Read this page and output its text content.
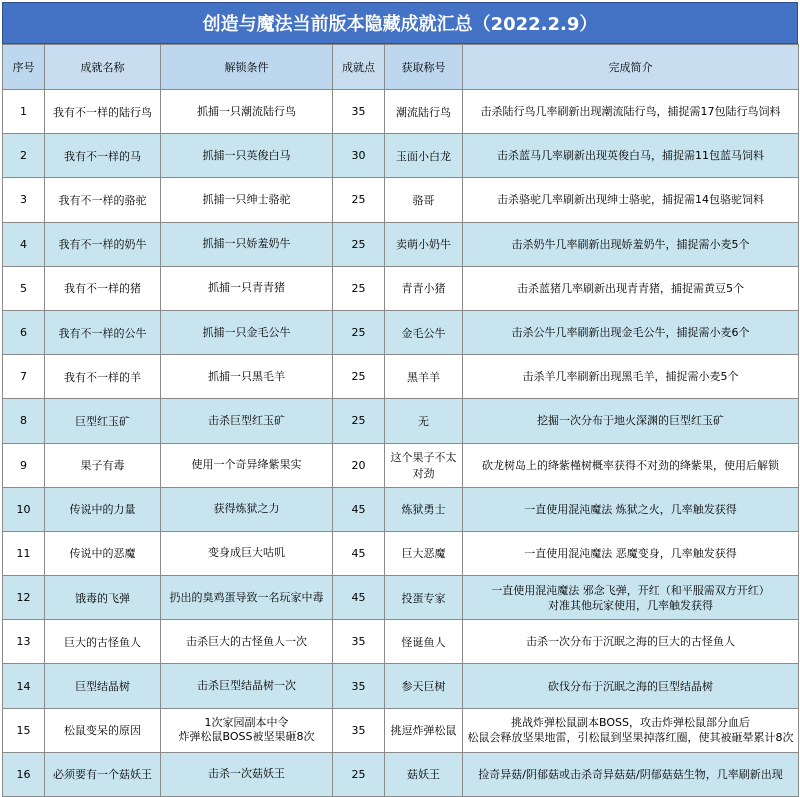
创造与魔法当前版本隐藏成就汇总（2022.2.9）
序号	成就名称	解锁条件	成就点	获取称号	完成简介
1	我有不一样的陆行鸟	抓捕一只潮流陆行鸟	35	潮流陆行鸟	击杀陆行鸟几率刷新出现潮流陆行鸟，捕捉需17包陆行鸟饲料
2	我有不一样的马	抓捕一只英俊白马	30	玉面小白龙	击杀蓝马几率刷新出现英俊白马，捕捉需11包蓝马饲料
3	我有不一样的骆驼	抓捕一只绅士骆驼	25	骆哥	击杀骆驼几率刷新出现绅士骆驼，捕捉需14包骆驼饲料
4	我有不一样的奶牛	抓捕一只娇羞奶牛	25	卖萌小奶牛	击杀奶牛几率刷新出现娇羞奶牛，捕捉需小麦5个
5	我有不一样的猪	抓捕一只青青猪	25	青青小猪	击杀蓝猪几率刷新出现青青猪，捕捉需黄豆5个
6	我有不一样的公牛	抓捕一只金毛公牛	25	金毛公牛	击杀公牛几率刷新出现金毛公牛，捕捉需小麦6个
7	我有不一样的羊	抓捕一只黑毛羊	25	黑羊羊	击杀羊几率刷新出现黑毛羊，捕捉需小麦5个
8	巨型红玉矿	击杀巨型红玉矿	25	无	挖掘一次分布于地火深渊的巨型红玉矿
9	果子有毒	使用一个奇异绛紫果实	20	这个果子不太对劲	砍龙树岛上的绛紫槿树概率获得不对劲的绛紫果，使用后解锁
10	传说中的力量	获得炼狱之力	45	炼狱勇士	一直使用混沌魔法 炼狱之火，几率触发获得
11	传说中的恶魔	变身成巨大咕叽	45	巨大恶魔	一直使用混沌魔法 恶魔变身，几率触发获得
12	饿毒的飞弹	扔出的臭鸡蛋导致一名玩家中毒	45	投蛋专家	一直使用混沌魔法 邪念飞弹，开红（和平服需双方开红）
对准其他玩家使用，几率触发获得
13	巨大的古怪鱼人	击杀巨大的古怪鱼人一次	35	怪诞鱼人	击杀一次分布于沉眠之海的巨大的古怪鱼人
14	巨型结晶树	击杀巨型结晶树一次	35	参天巨树	砍伐分布于沉眠之海的巨型结晶树
15	松鼠变呆的原因	1次家园副本中令
炸弹松鼠BOSS被坚果砸8次	35	挑逗炸弹松鼠	挑战炸弹松鼠副本BOSS，攻击炸弹松鼠部分血后
松鼠会释放坚果地雷，引松鼠到坚果掉落红圈，使其被砸晕累计8次
16	必须要有一个菇妖王	击杀一次菇妖王	25	菇妖王	捡奇异菇/阴郁菇或击杀奇异菇菇/阴郁菇菇生物，几率刷新出现
